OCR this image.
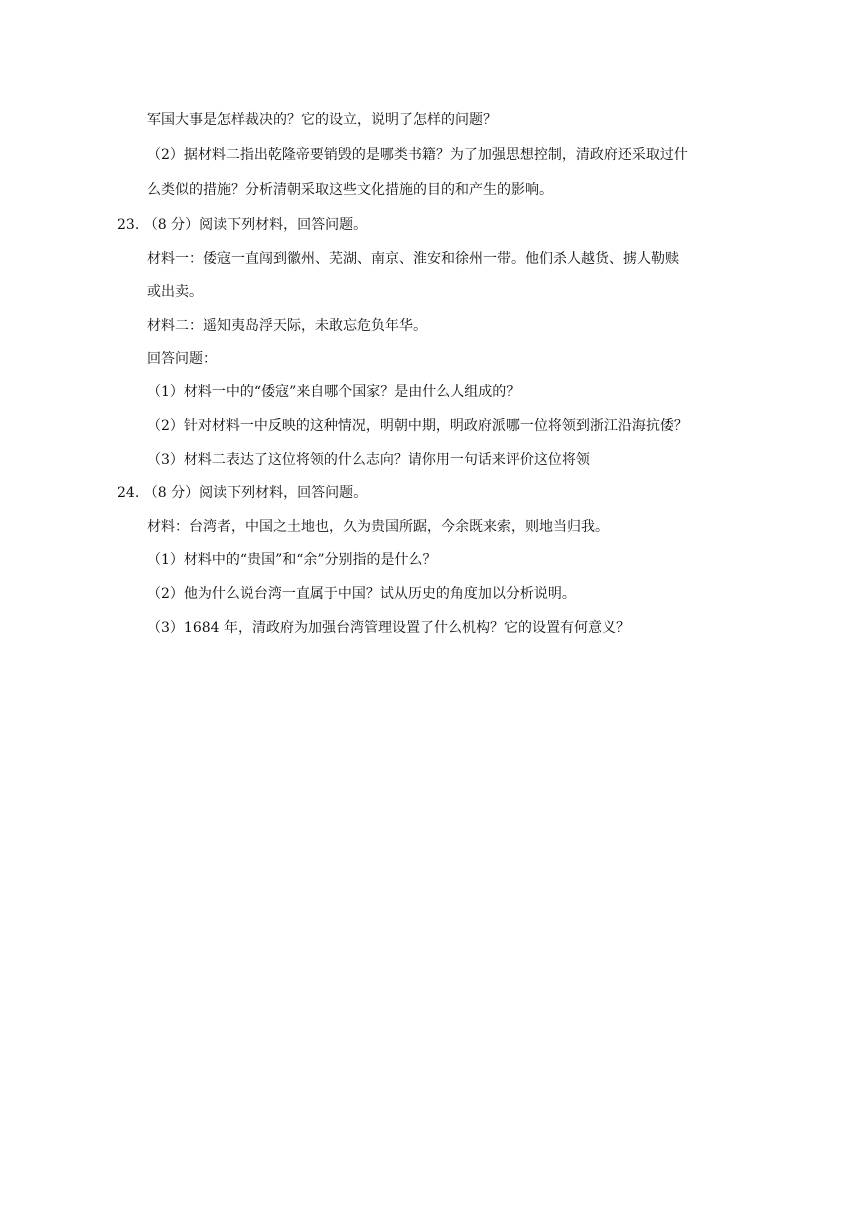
军国大事是怎样裁决的？它的设立，说明了怎样的问题？
（2）据材料二指出乾隆帝要销毁的是哪类书籍？为了加强思想控制，清政府还采取过什
么类似的措施？分析清朝采取这些文化措施的目的和产生的影响。
23. （8 分）阅读下列材料，回答问题。
材料一：倭寇一直闯到徽州、芜湖、南京、淮安和徐州一带。他们杀人越货、掳人勒赎
或出卖。
材料二：遥知夷岛浮天际，未敢忘危负年华。
回答问题：
（1）材料一中的“倭寇”来自哪个国家？是由什么人组成的？
（2）针对材料一中反映的这种情况，明朝中期，明政府派哪一位将领到浙江沿海抗倭？
（3）材料二表达了这位将领的什么志向？请你用一句话来评价这位将领
24. （8 分）阅读下列材料，回答问题。
材料：台湾者，中国之土地也，久为贵国所踞，今余既来索，则地当归我。
（1）材料中的“贵国”和“余”分别指的是什么？
（2）他为什么说台湾一直属于中国？试从历史的角度加以分析说明。
（3）1684 年，清政府为加强台湾管理设置了什么机构？它的设置有何意义？
